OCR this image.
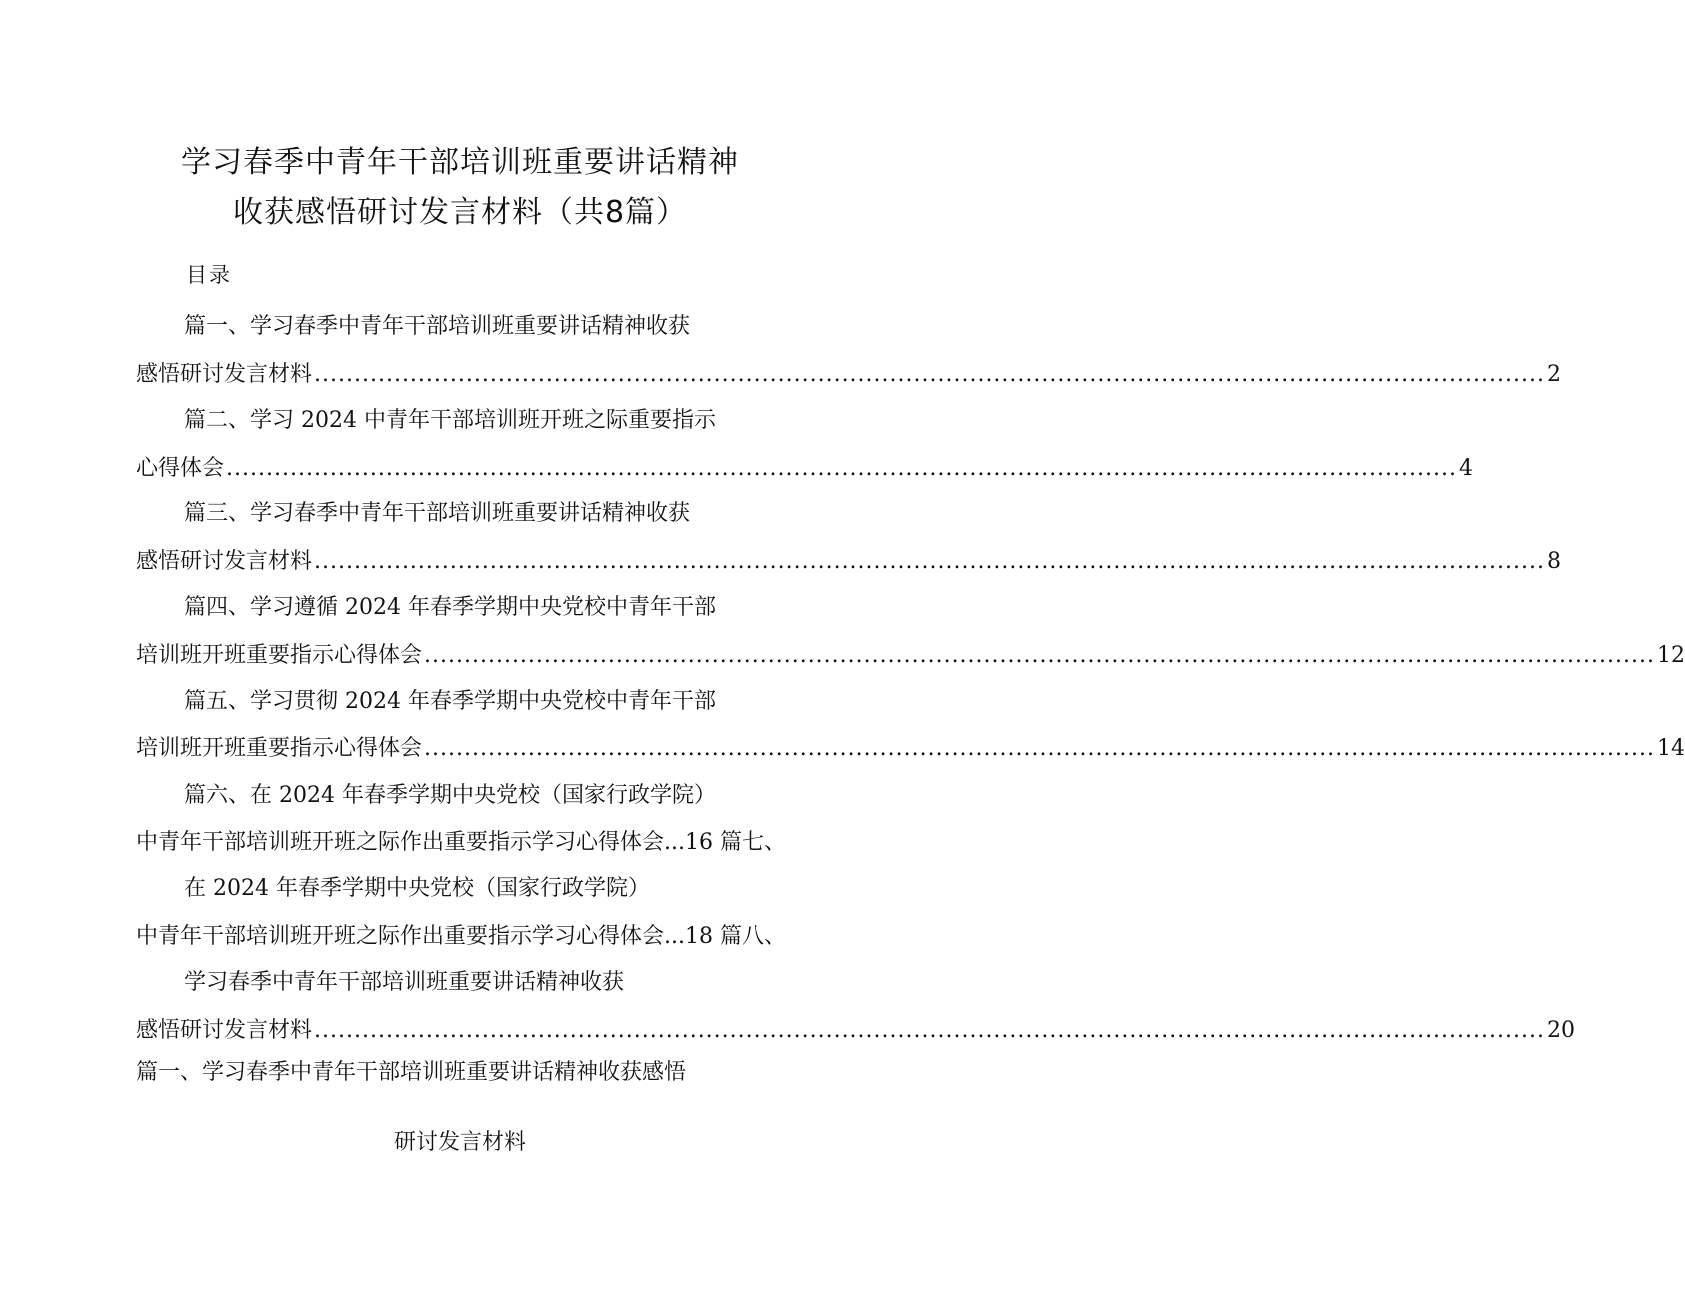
学习春季中青年干部培训班重要讲话精神
收获感悟研讨发言材料（共8篇）
目录
篇一、学习春季中青年干部培训班重要讲话精神收获
感悟研讨发言材料 .......................................................................................................................................................... 2
篇二、学习 2024 中青年干部培训班开班之际重要指示
心得体会 .......................................................................................................................................................... 4
篇三、学习春季中青年干部培训班重要讲话精神收获
感悟研讨发言材料 .......................................................................................................................................................... 8
篇四、学习遵循 2024 年春季学期中央党校中青年干部
培训班开班重要指示心得体会 .......................................................................................................................................................... 12
篇五、学习贯彻 2024 年春季学期中央党校中青年干部
培训班开班重要指示心得体会 .......................................................................................................................................................... 14
篇六、在 2024 年春季学期中央党校（国家行政学院）
中青年干部培训班开班之际作出重要指示学习心得体会...16 篇七、
在 2024 年春季学期中央党校（国家行政学院）
中青年干部培训班开班之际作出重要指示学习心得体会...18 篇八、
学习春季中青年干部培训班重要讲话精神收获
感悟研讨发言材料 .......................................................................................................................................................... 20
篇一、学习春季中青年干部培训班重要讲话精神收获感悟
研讨发言材料
